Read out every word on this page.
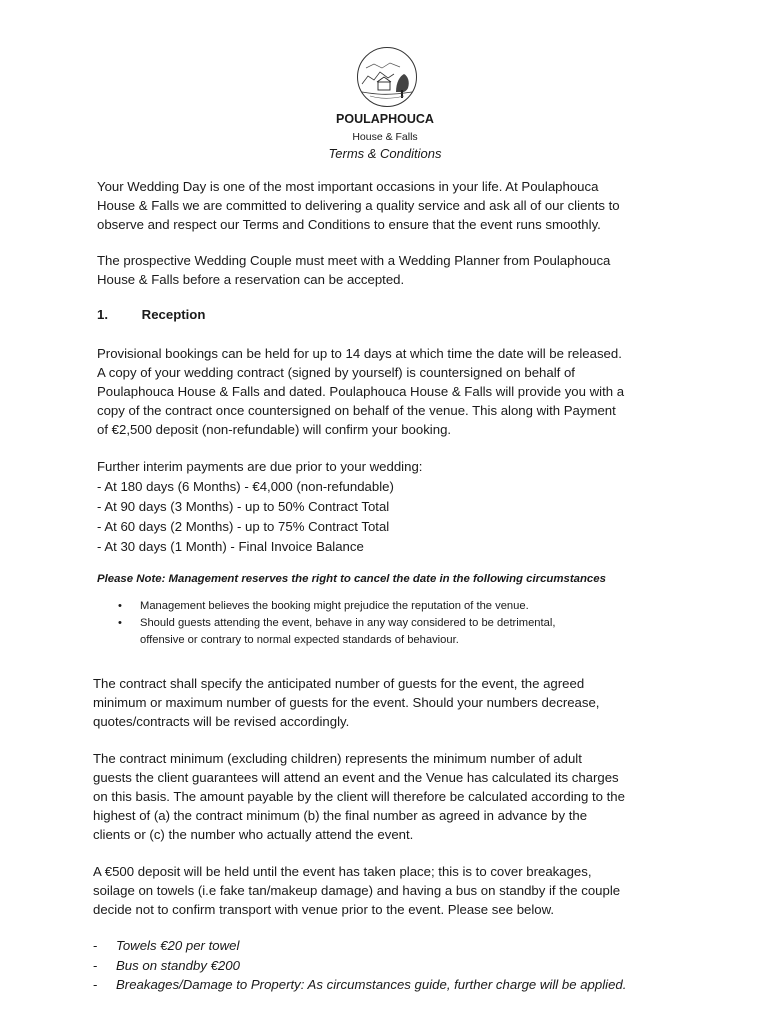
POULAPHOUCA
House & Falls
Terms & Conditions
Your Wedding Day is one of the most important occasions in your life. At Poulaphouca
House & Falls we are committed to delivering a quality service and ask all of our clients to
observe and respect our Terms and Conditions to ensure that the event runs smoothly.
The prospective Wedding Couple must meet with a Wedding Planner from Poulaphouca
House & Falls before a reservation can be accepted.
1.	Reception
Provisional bookings can be held for up to 14 days at which time the date will be released.
A copy of your wedding contract (signed by yourself) is countersigned on behalf of
Poulaphouca House & Falls and dated. Poulaphouca House & Falls will provide you with a
copy of the contract once countersigned on behalf of the venue. This along with Payment
of €2,500 deposit (non-refundable) will confirm your booking.
Further interim payments are due prior to your wedding:
- At 180 days (6 Months) - €4,000 (non-refundable)
- At 90 days (3 Months) - up to 50% Contract Total
- At 60 days (2 Months) - up to 75% Contract Total
- At 30 days (1 Month) - Final Invoice Balance
Please Note: Management reserves the right to cancel the date in the following circumstances
•	Management believes the booking might prejudice the reputation of the venue.
•	Should guests attending the event, behave in any way considered to be detrimental,
offensive or contrary to normal expected standards of behaviour.
The contract shall specify the anticipated number of guests for the event, the agreed
minimum or maximum number of guests for the event. Should your numbers decrease,
quotes/contracts will be revised accordingly.
The contract minimum (excluding children) represents the minimum number of adult
guests the client guarantees will attend an event and the Venue has calculated its charges
on this basis. The amount payable by the client will therefore be calculated according to the
highest of (a) the contract minimum (b) the final number as agreed in advance by the
clients or (c) the number who actually attend the event.
A €500 deposit will be held until the event has taken place; this is to cover breakages,
soilage on towels (i.e fake tan/makeup damage) and having a bus on standby if the couple
decide not to confirm transport with venue prior to the event. Please see below.
-	Towels €20 per towel
-	Bus on standby €200
-	Breakages/Damage to Property: As circumstances guide, further charge will be applied.
